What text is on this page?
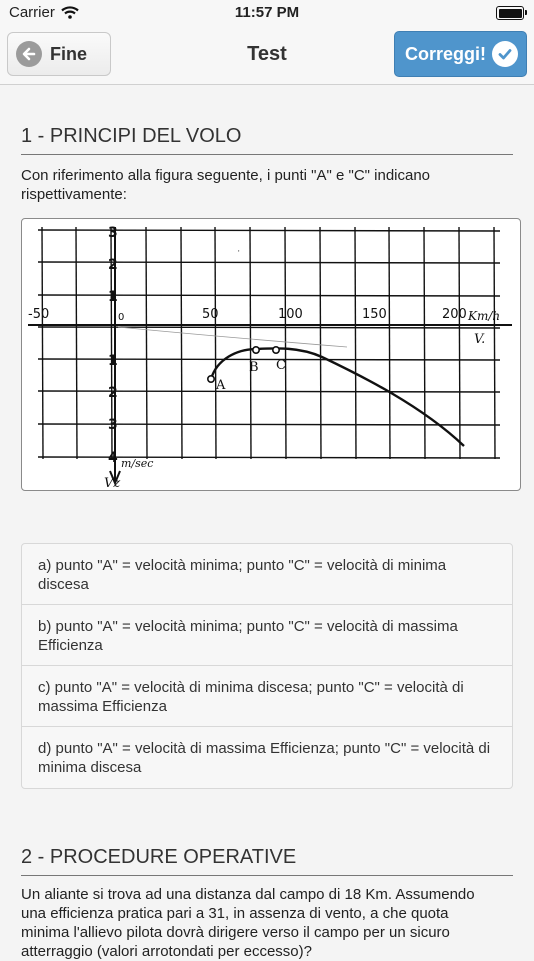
Carrier	11:57 PM
Fine	Test	Correggi!
1 - PRINCIPI DEL VOLO
Con riferimento alla figura seguente, i punti "A" e "C" indicano rispettivamente:
-50	0	50	100	150	200 Km/h
V.
3
2
1
1
2
3
4 m/sec
Vz
A
B C
'
a) punto "A" = velocità minima; punto "C" = velocità di minima discesa
b) punto "A" = velocità minima; punto "C" = velocità di massima Efficienza
c) punto "A" = velocità di minima discesa; punto "C" = velocità di massima Efficienza
d) punto "A" = velocità di massima Efficienza; punto "C" = velocità di minima discesa
2 - PROCEDURE OPERATIVE
Un aliante si trova ad una distanza dal campo di 18 Km. Assumendo una efficienza pratica pari a 31, in assenza di vento, a che quota minima l'allievo pilota dovrà dirigere verso il campo per un sicuro atterraggio (valori arrotondati per eccesso)?
